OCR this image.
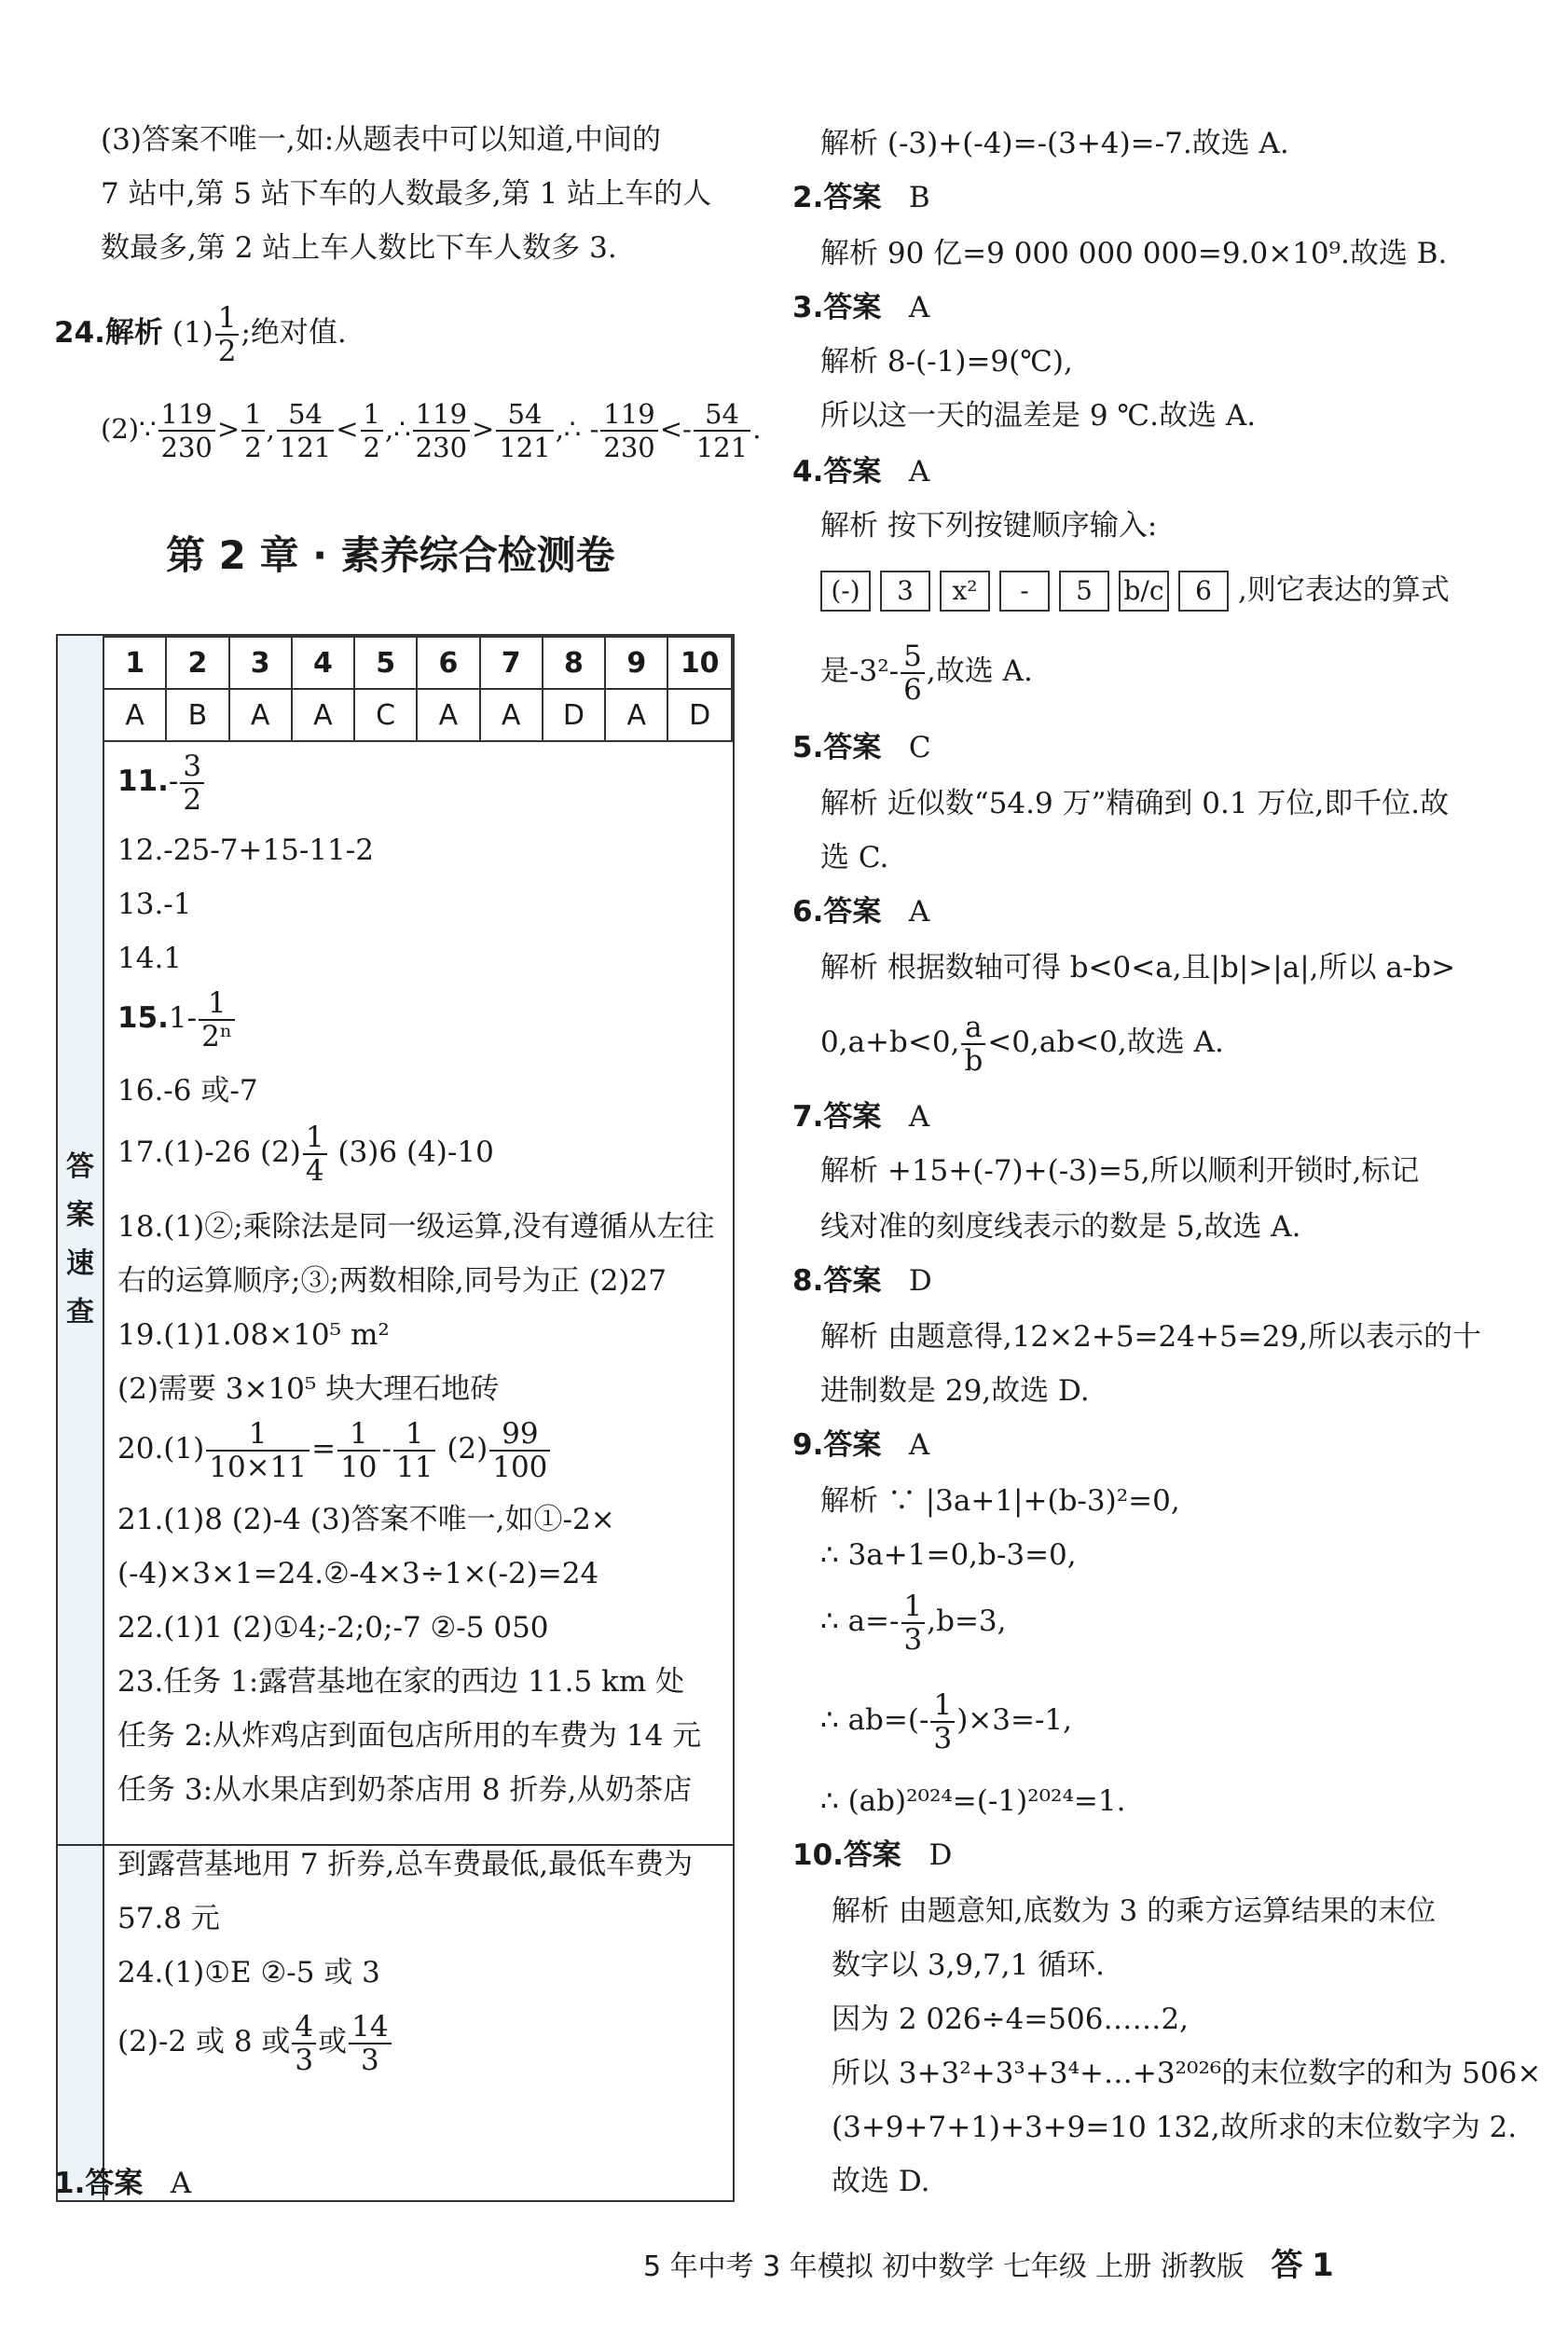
(3)答案不唯一,如:从题表中可以知道,中间的
7 站中,第 5 站下车的人数最多,第 1 站上车的人
数最多,第 2 站上车人数比下车人数多 3.
24.解析 $(1) \frac{1}{2}$ ;绝对值.
(2)∵ $\frac{119}{230} > \frac{1}{2}$ , $\frac{54}{121} < \frac{1}{2}$ ,∴ $\frac{119}{230} > \frac{54}{121}$ ,∴ - $\frac{119}{230} <- \frac{54}{121}$ .
第 2 章 · 素养综合检测卷
答
案
速
查
1	2	3	4	5	6	7	8	9	10
A	B	A	A	C	A	A	D	A	D
$11.- \frac{3}{2}$
12.-25-7+15-11-2
13.-1
14.1
$15.1- \frac{1}{\text{2ⁿ}}$
16.-6 或-7
17.(1)-26 $(2) \frac{1}{4} (3)6$ (4)-10
18.(1)②;乘除法是同一级运算,没有遵循从左往
右的运算顺序;③;两数相除,同号为正 (2)27
19.(1)1.08×10⁵ m²
(2)需要 3×10⁵ 块大理石地砖
$20.(1) \frac{1}{10\times 11} = \frac{1}{10} - \frac{1}{11} (2) \frac{99}{100}$
21.(1)8 (2)-4 (3)答案不唯一,如①-2×
(-4)×3×1=24.②-4×3÷1×(-2)=24
22.(1)1 (2)①4;-2;0;-7 ②-5 050
23.任务 1:露营基地在家的西边 11.5 km 处
任务 2:从炸鸡店到面包店所用的车费为 14 元
任务 3:从水果店到奶茶店用 8 折券,从奶茶店
到露营基地用 7 折券,总车费最低,最低车费为
57.8 元
24.(1)①E ②-5 或 3
(2)-2 或 8 或 $\frac{4}{3}$ 或 $\frac{14}{3}$
1.答案 A
解析 (-3)+(-4)=-(3+4)=-7.故选 A.
2.答案 B
解析 90 亿=9 000 000 000=9.0×10⁹.故选 B.
3.答案 A
解析 8-(-1)=9(℃),
所以这一天的温差是 9 ℃.故选 A.
4.答案 A
解析 按下列按键顺序输入:
(-) 3 x² - 5 b/c 6 ,则它表达的算式
是$-3^2- \frac{5}{6}$ ,故选 A.
5.答案 C
解析 近似数“54.9 万”精确到 0.1 万位,即千位.故
选 C.
6.答案 A
解析 根据数轴可得 b<0<a,且|b|>|a|,所以 a-b>
0,a+b<0, $\frac{a}{b} <0,ab<0$,故选 A.
7.答案 A
解析 +15+(-7)+(-3)=5,所以顺利开锁时,标记
线对准的刻度线表示的数是 5,故选 A.
8.答案 D
解析 由题意得,12×2+5=24+5=29,所以表示的十
进制数是 29,故选 D.
9.答案 A
解析 ∵ |3a+1|+(b-3)²=0,
∴ 3a+1=0,b-3=0,
∴ $a=- \frac{1}{3} ,b=3$,
∴ $ab=(- \frac{1}{3} )\times 3=-1$,
∴ (ab)²⁰²⁴=(-1)²⁰²⁴=1.
10.答案 D
解析 由题意知,底数为 3 的乘方运算结果的末位
数字以 3,9,7,1 循环.
因为 2 026÷4=506……2,
所以 3+3²+3³+3⁴+…+3²⁰²⁶的末位数字的和为 506×
(3+9+7+1)+3+9=10 132,故所求的末位数字为 2.
故选 D.
5 年中考 3 年模拟 初中数学 七年级 上册 浙教版 答 1
